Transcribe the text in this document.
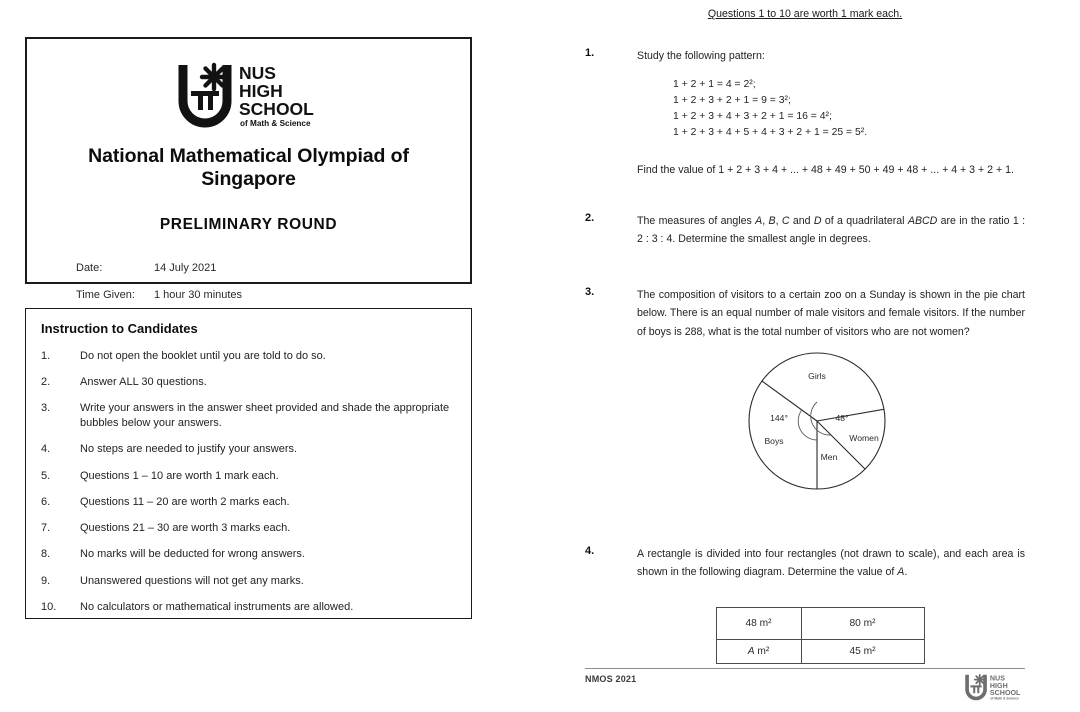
NUS
HIGH
SCHOOL
of Math & Science
National Mathematical Olympiad of Singapore
PRELIMINARY ROUND
Date:	14 July 2021
Time Given:	1 hour 30 minutes
Instruction to Candidates
1.	Do not open the booklet until you are told to do so.
2.	Answer ALL 30 questions.
3.	Write your answers in the answer sheet provided and shade the appropriate bubbles below your answers.
4.	No steps are needed to justify your answers.
5.	Questions 1 – 10 are worth 1 mark each.
6.	Questions 11 – 20 are worth 2 marks each.
7.	Questions 21 – 30 are worth 3 marks each.
8.	No marks will be deducted for wrong answers.
9.	Unanswered questions will not get any marks.
10.	No calculators or mathematical instruments are allowed.
Questions 1 to 10 are worth 1 mark each.
1.	Study the following pattern:
1 + 2 + 1 = 4 = 2²;
1 + 2 + 3 + 2 + 1 = 9 = 3²;
1 + 2 + 3 + 4 + 3 + 2 + 1 = 16 = 4²;
1 + 2 + 3 + 4 + 5 + 4 + 3 + 2 + 1 = 25 = 5².
Find the value of 1 + 2 + 3 + 4 + ... + 48 + 49 + 50 + 49 + 48 + ... + 4 + 3 + 2 + 1.
2.	The measures of angles A, B, C and D of a quadrilateral ABCD are in the ratio 1 : 2 : 3 : 4. Determine the smallest angle in degrees.
3.	The composition of visitors to a certain zoo on a Sunday is shown in the pie chart below. There is an equal number of male visitors and female visitors. If the number of boys is 288, what is the total number of visitors who are not women?
Girls
Women
Men
Boys
144°	48°
4.	A rectangle is divided into four rectangles (not drawn to scale), and each area is shown in the following diagram. Determine the value of A.
48 m²	80 m²
A m²	45 m²
NMOS 2021	NUS
HIGH
SCHOOL
of Math & Science
